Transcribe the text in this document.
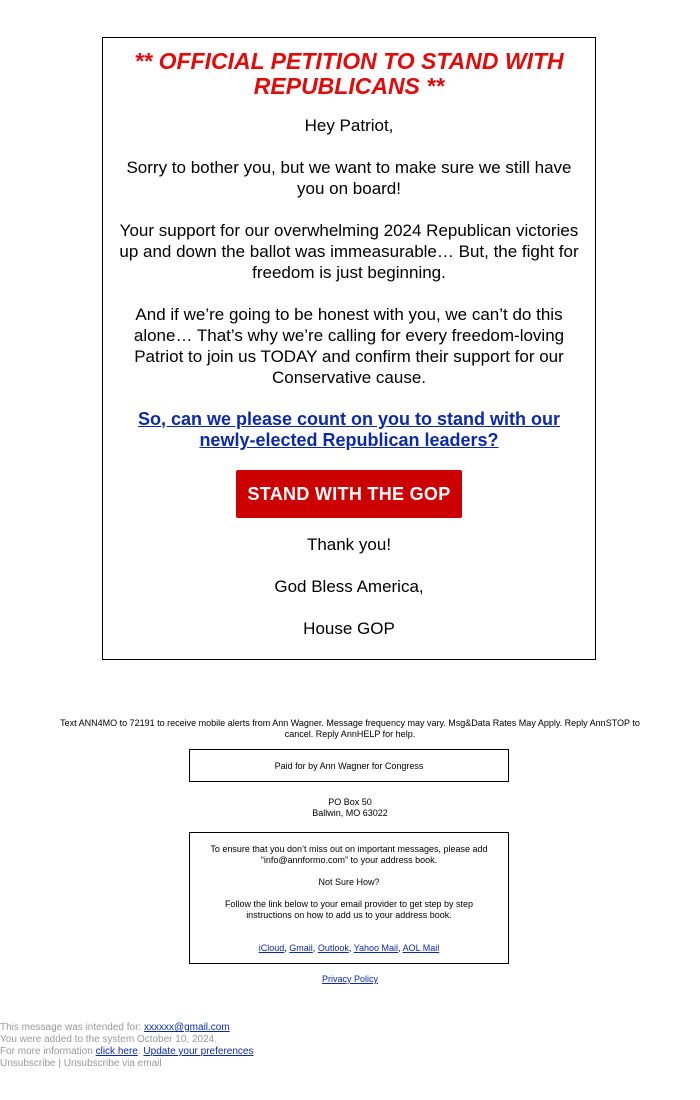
** OFFICIAL PETITION TO STAND WITH REPUBLICANS **

Hey Patriot,

Sorry to bother you, but we want to make sure we still have you on board!

Your support for our overwhelming 2024 Republican victories up and down the ballot was immeasurable… But, the fight for freedom is just beginning.

And if we’re going to be honest with you, we can’t do this alone… That’s why we’re calling for every freedom-loving Patriot to join us TODAY and confirm their support for our Conservative cause.

So, can we please count on you to stand with our newly-elected Republican leaders?
STAND WITH THE GOP

Thank you!

God Bless America,

House GOP

Text ANN4MO to 72191 to receive mobile alerts from Ann Wagner. Message frequency may vary. Msg&Data Rates May Apply. Reply AnnSTOP to cancel. Reply AnnHELP for help.
Paid for by Ann Wagner for Congress
PO Box 50
Ballwin, MO 63022
To ensure that you don’t miss out on important messages, please add “info@annformo.com” to your address book.
Not Sure How?
Follow the link below to your email provider to get step by step instructions on how to add us to your address book.
iCloud, Gmail, Outlook, Yahoo Mail, AOL Mail
Privacy Policy
This message was intended for: xxxxxx@gmail.com
You were added to the system October 10, 2024.
For more information click here. Update your preferences
Unsubscribe | Unsubscribe via email
